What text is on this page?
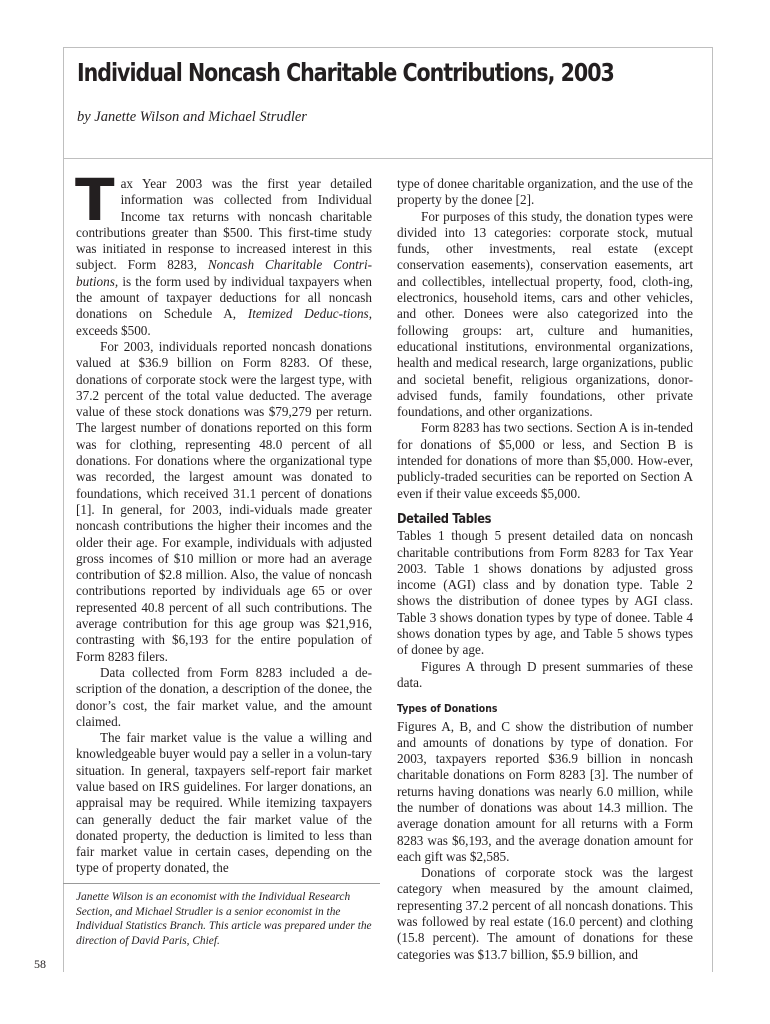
Individual Noncash Charitable Contributions, 2003
by Janette Wilson and Michael Strudler

Tax Year 2003 was the first year detailed information was collected from Individual Income tax returns with noncash charitable contributions greater than $500. This first-time study was initiated in response to increased interest in this subject. Form 8283, Noncash Charitable Contri-butions, is the form used by individual taxpayers when the amount of taxpayer deductions for all noncash donations on Schedule A, Itemized Deduc-tions, exceeds $500.

For 2003, individuals reported noncash donations valued at $36.9 billion on Form 8283. Of these, donations of corporate stock were the largest type, with 37.2 percent of the total value deducted. The average value of these stock donations was $79,279 per return. The largest number of donations reported on this form was for clothing, representing 48.0 percent of all donations. For donations where the organizational type was recorded, the largest amount was donated to foundations, which received 31.1 percent of donations [1]. In general, for 2003, indi-viduals made greater noncash contributions the higher their incomes and the older their age. For example, individuals with adjusted gross incomes of $10 million or more had an average contribution of $2.8 million. Also, the value of noncash contributions reported by individuals age 65 or over represented 40.8 percent of all such contributions. The average contribution for this age group was $21,916, contrasting with $6,193 for the entire population of Form 8283 filers.

Data collected from Form 8283 included a de-scription of the donation, a description of the donee, the donor’s cost, the fair market value, and the amount claimed.

The fair market value is the value a willing and knowledgeable buyer would pay a seller in a volun-tary situation. In general, taxpayers self-report fair market value based on IRS guidelines. For larger donations, an appraisal may be required. While itemizing taxpayers can generally deduct the fair market value of the donated property, the deduction is limited to less than fair market value in certain cases, depending on the type of property donated, the

type of donee charitable organization, and the use of the property by the donee [2].

For purposes of this study, the donation types were divided into 13 categories: corporate stock, mutual funds, other investments, real estate (except conservation easements), conservation easements, art and collectibles, intellectual property, food, cloth-ing, electronics, household items, cars and other vehicles, and other. Donees were also categorized into the following groups: art, culture and humanities, educational institutions, environmental organizations, health and medical research, large organizations, public and societal benefit, religious organizations, donor-advised funds, family foundations, other private foundations, and other organizations.

Form 8283 has two sections. Section A is in-tended for donations of $5,000 or less, and Section B is intended for donations of more than $5,000. How-ever, publicly-traded securities can be reported on Section A even if their value exceeds $5,000.

Detailed Tables

Tables 1 though 5 present detailed data on noncash charitable contributions from Form 8283 for Tax Year 2003. Table 1 shows donations by adjusted gross income (AGI) class and by donation type. Table 2 shows the distribution of donee types by AGI class. Table 3 shows donation types by type of donee. Table 4 shows donation types by age, and Table 5 shows types of donee by age.

Figures A through D present summaries of these data.

Types of Donations

Figures A, B, and C show the distribution of number and amounts of donations by type of donation. For 2003, taxpayers reported $36.9 billion in noncash charitable donations on Form 8283 [3]. The number of returns having donations was nearly 6.0 million, while the number of donations was about 14.3 million. The average donation amount for all returns with a Form 8283 was $6,193, and the average donation amount for each gift was $2,585.

Donations of corporate stock was the largest category when measured by the amount claimed, representing 37.2 percent of all noncash donations. This was followed by real estate (16.0 percent) and clothing (15.8 percent). The amount of donations for these categories was $13.7 billion, $5.9 billion, and

Janette Wilson is an economist with the Individual Research Section, and Michael Strudler is a senior economist in the Individual Statistics Branch. This article was prepared under the direction of David Paris, Chief.
58
